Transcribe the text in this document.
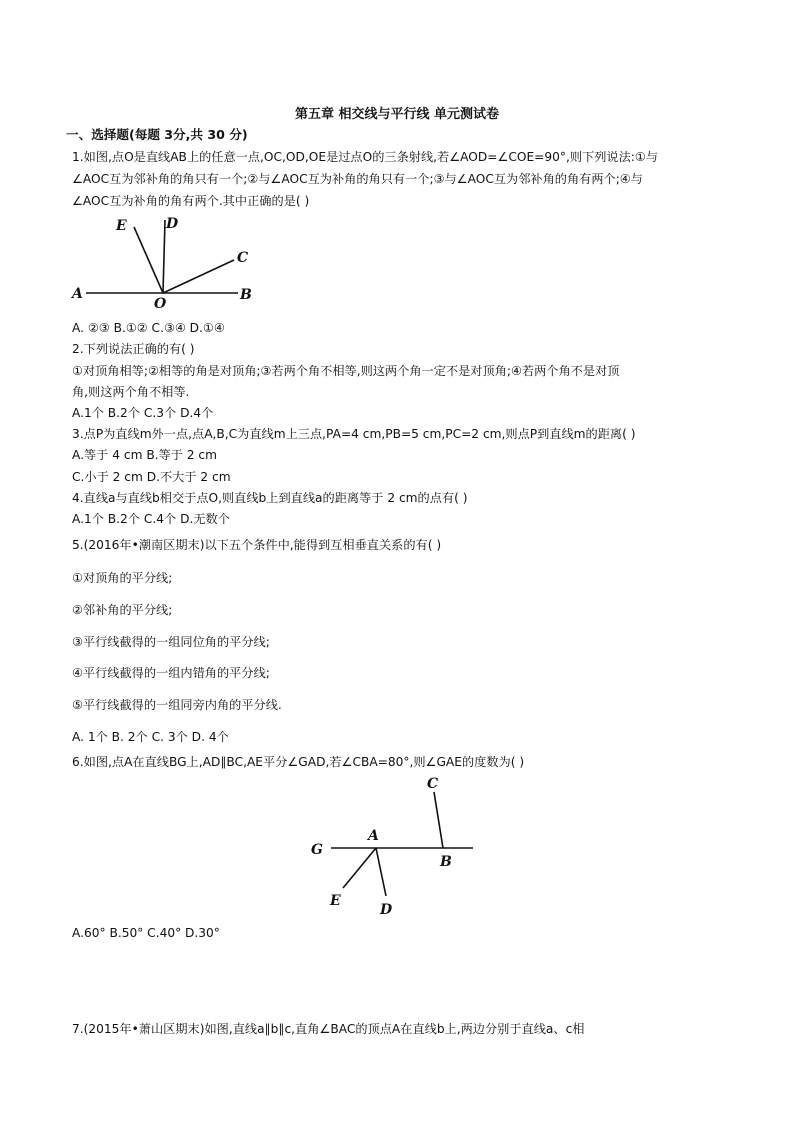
第五章 相交线与平行线 单元测试卷
一、选择题(每题 3分,共 30 分)
1.如图,点O是直线AB上的任意一点,OC,OD,OE是过点O的三条射线,若∠AOD=∠COE=90°,则下列说法:①与
∠AOC互为邻补角的角只有一个;②与∠AOC互为补角的角只有一个;③与∠AOC互为邻补角的角有两个;④与
∠AOC互为补角的角有两个.其中正确的是( )
A	B
C
D
E
O
A. ②③ B.①② C.③④ D.①④
2.下列说法正确的有( )
①对顶角相等;②相等的角是对顶角;③若两个角不相等,则这两个角一定不是对顶角;④若两个角不是对顶
角,则这两个角不相等.
A.1个 B.2个 C.3个 D.4个
3.点P为直线m外一点,点A,B,C为直线m上三点,PA=4 cm,PB=5 cm,PC=2 cm,则点P到直线m的距离( )
A.等于 4 cm B.等于 2 cm
C.小于 2 cm D.不大于 2 cm
4.直线a与直线b相交于点O,则直线b上到直线a的距离等于 2 cm的点有( )
A.1个 B.2个 C.4个 D.无数个
5.(2016年•潮南区期末)以下五个条件中,能得到互相垂直关系的有( )
①对顶角的平分线;
②邻补角的平分线;
③平行线截得的一组同位角的平分线;
④平行线截得的一组内错角的平分线;
⑤平行线截得的一组同旁内角的平分线.
A. 1个 B. 2个 C. 3个 D. 4个
6.如图,点A在直线BG上,AD∥BC,AE平分∠GAD,若∠CBA=80°,则∠GAE的度数为( )
C
G
A
B
E
D
A.60° B.50° C.40° D.30°
7.(2015年•萧山区期末)如图,直线a∥b∥c,直角∠BAC的顶点A在直线b上,两边分别于直线a、c相
